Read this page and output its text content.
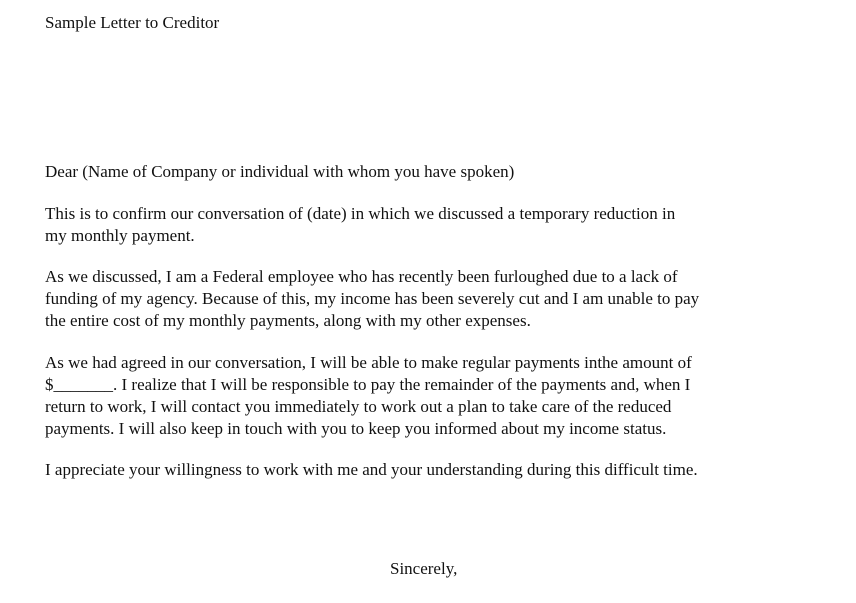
Sample Letter to Creditor

Dear (Name of Company or individual with whom you have spoken)

This is to confirm our conversation of (date) in which we discussed a temporary reduction in
my monthly payment.

As we discussed, I am a Federal employee who has recently been furloughed due to a lack of
funding of my agency. Because of this, my income has been severely cut and I am unable to pay
the entire cost of my monthly payments, along with my other expenses.

As we had agreed in our conversation, I will be able to make regular payments inthe amount of
$_______. I realize that I will be responsible to pay the remainder of the payments and, when I
return to work, I will contact you immediately to work out a plan to take care of the reduced
payments. I will also keep in touch with you to keep you informed about my income status.

I appreciate your willingness to work with me and your understanding during this difficult time.

Sincerely,
